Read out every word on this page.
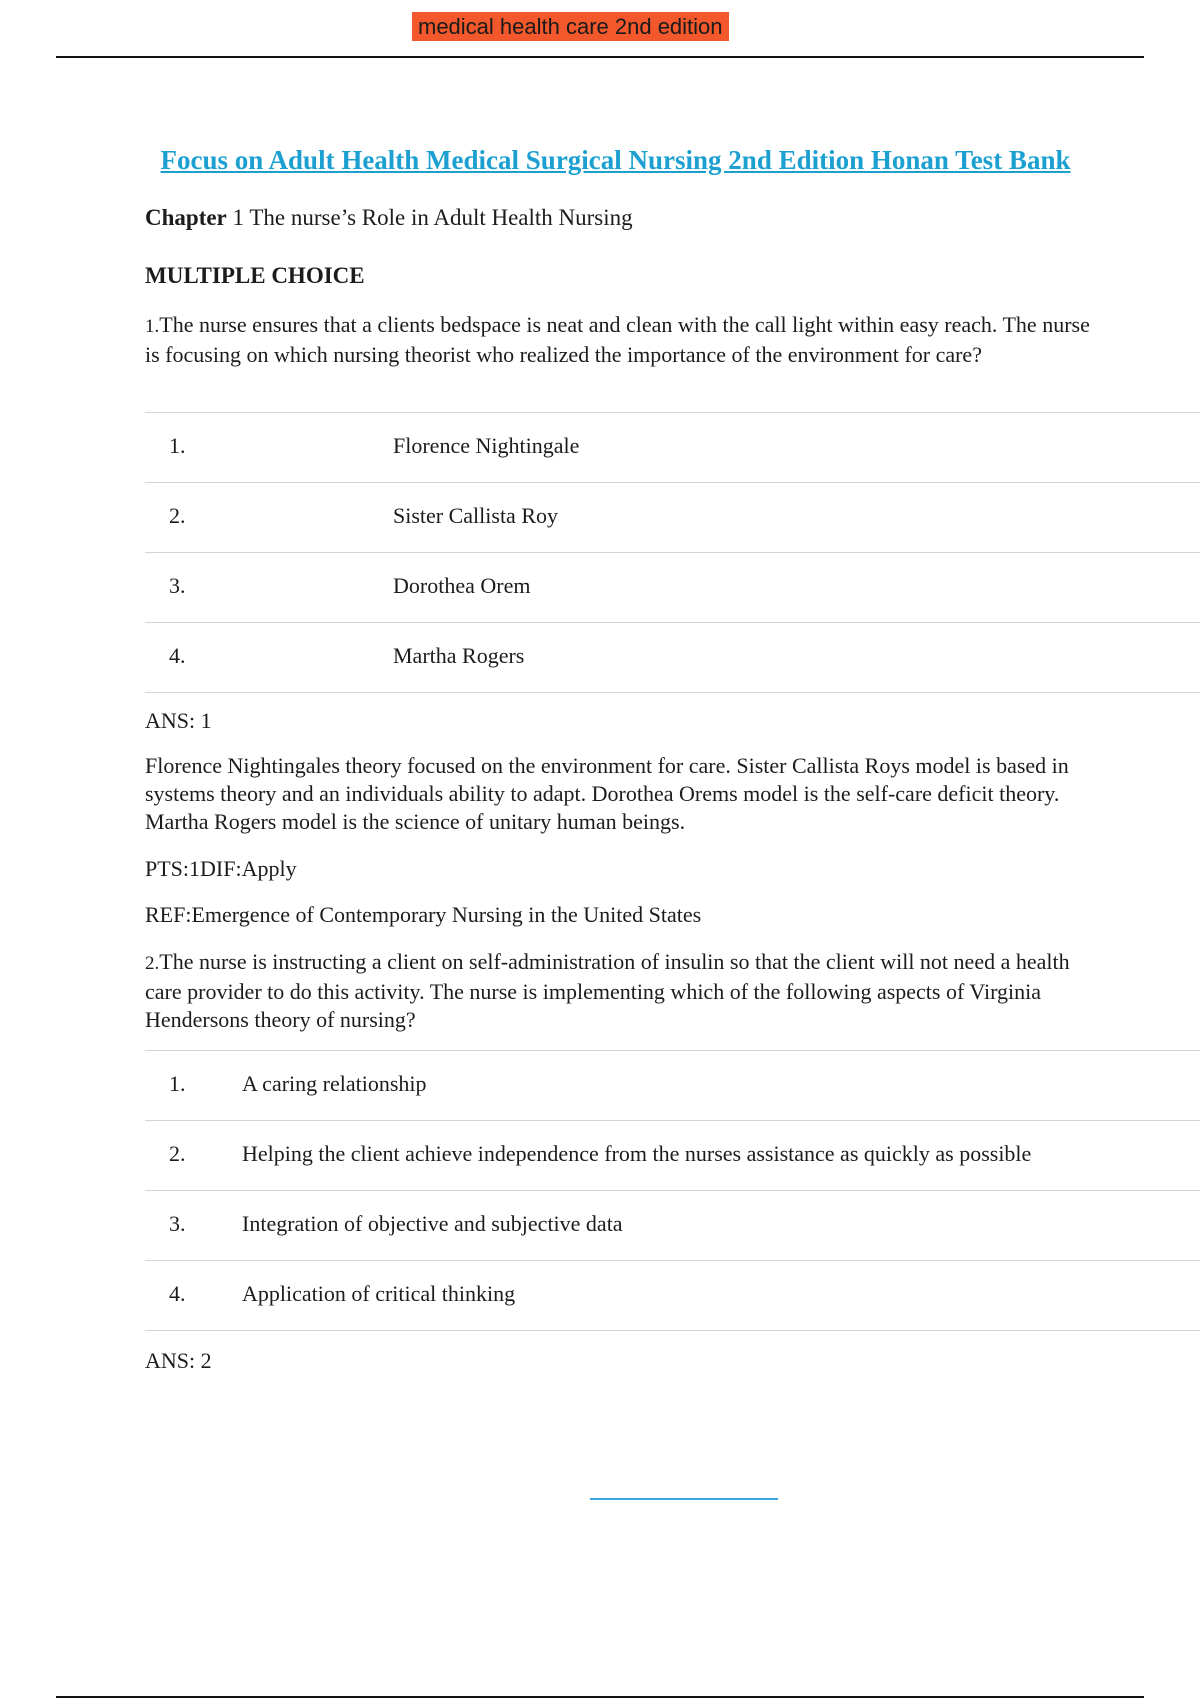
medical health care 2nd edition
Focus on Adult Health Medical Surgical Nursing 2nd Edition Honan Test Bank
Chapter 1 The nurse’s Role in Adult Health Nursing
MULTIPLE CHOICE
1.The nurse ensures that a clients bedspace is neat and clean with the call light within easy reach. The nurse is focusing on which nursing theorist who realized the importance of the environment for care?
1.	Florence Nightingale
2.	Sister Callista Roy
3.	Dorothea Orem
4.	Martha Rogers
ANS: 1
Florence Nightingales theory focused on the environment for care. Sister Callista Roys model is based in systems theory and an individuals ability to adapt. Dorothea Orems model is the self-care deficit theory. Martha Rogers model is the science of unitary human beings.
PTS:1DIF:Apply
REF:Emergence of Contemporary Nursing in the United States
2.The nurse is instructing a client on self-administration of insulin so that the client will not need a health care provider to do this activity. The nurse is implementing which of the following aspects of Virginia Hendersons theory of nursing?
1.	A caring relationship
2.	Helping the client achieve independence from the nurses assistance as quickly as possible
3.	Integration of objective and subjective data
4.	Application of critical thinking
ANS: 2
